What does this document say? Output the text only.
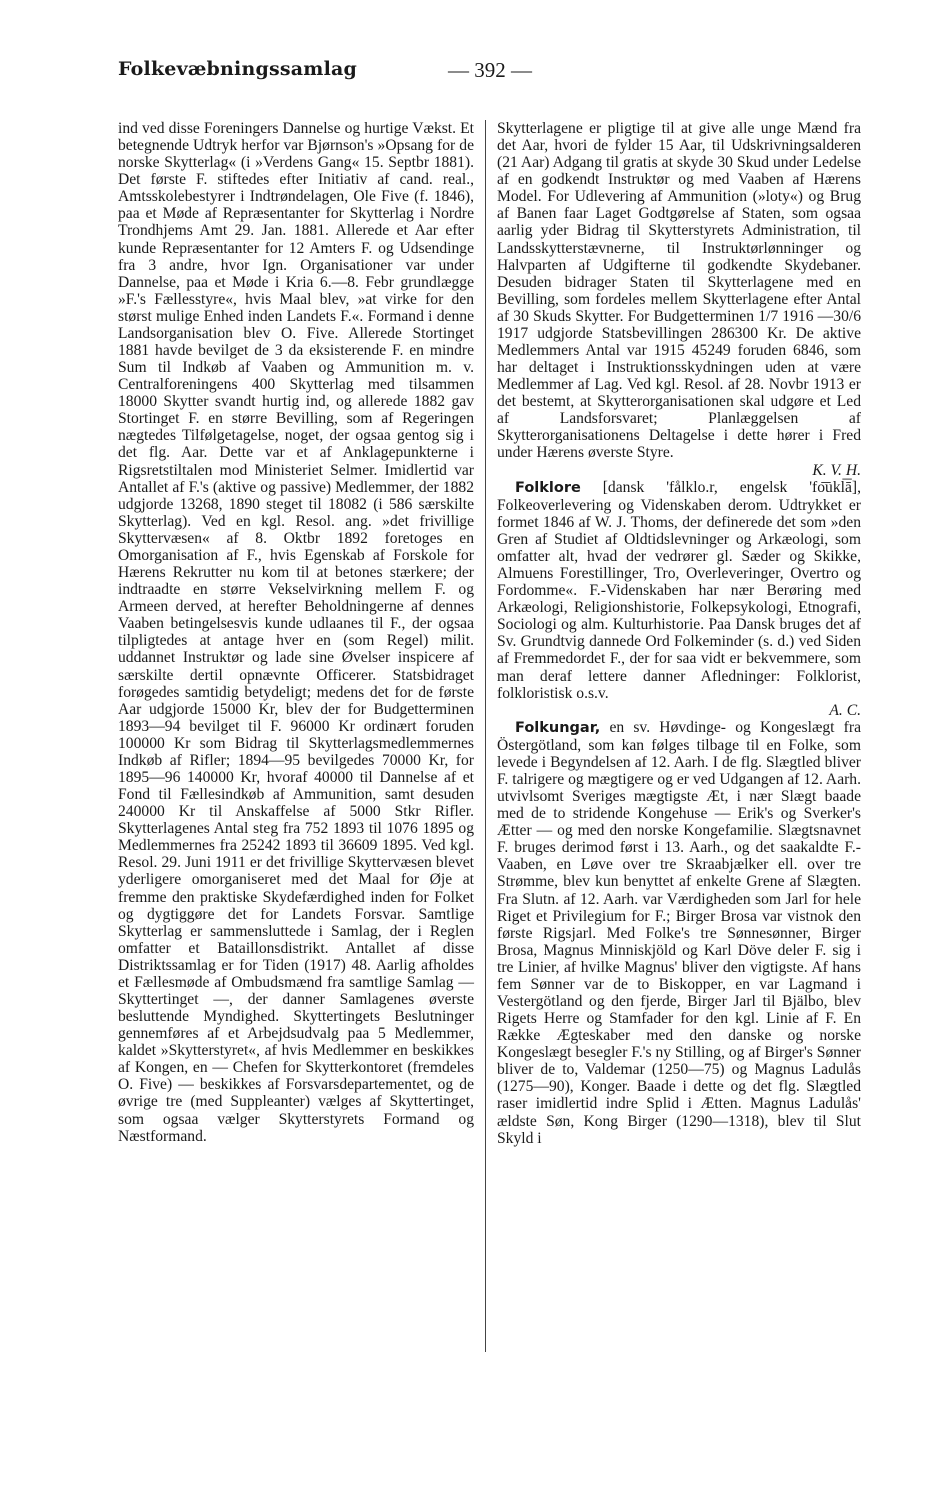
Folkevæbningssamlag	— 392 —

ind ved disse Foreningers Dannelse og hurtige Vækst. Et betegnende Udtryk herfor var Bjørnson's »Opsang for de norske Skytterlag« (i »Verdens Gang« 15. Septbr 1881). Det første F. stiftedes efter Initiativ af cand. real., Amtsskolebestyrer i Indtrøndelagen, Ole Five (f. 1846), paa et Møde af Repræsentanter for Skytterlag i Nordre Trondhjems Amt 29. Jan. 1881. Allerede et Aar efter kunde Repræsentanter for 12 Amters F. og Udsendinge fra 3 andre, hvor Ign. Organisationer var under Dannelse, paa et Møde i Kria 6.—8. Febr grundlægge »F.'s Fællesstyre«, hvis Maal blev, »at virke for den størst mulige Enhed inden Landets F.«. Formand i denne Landsorganisation blev O. Five. Allerede Stortinget 1881 havde bevilget de 3 da eksisterende F. en mindre Sum til Indkøb af Vaaben og Ammunition m. v. Centralforeningens 400 Skytterlag med tilsammen 18000 Skytter svandt hurtig ind, og allerede 1882 gav Stortinget F. en større Bevilling, som af Regeringen nægtedes Tilfølgetagelse, noget, der ogsaa gentog sig i det flg. Aar. Dette var et af Anklagepunkterne i Rigsretstiltalen mod Ministeriet Selmer. Imidlertid var Antallet af F.'s (aktive og passive) Medlemmer, der 1882 udgjorde 13268, 1890 steget til 18082 (i 586 særskilte Skytterlag). Ved en kgl. Resol. ang. »det frivillige Skyttervæsen« af 8. Oktbr 1892 foretoges en Omorganisation af F., hvis Egenskab af Forskole for Hærens Rekrutter nu kom til at betones stærkere; der indtraadte en større Vekselvirkning mellem F. og Armeen derved, at herefter Beholdningerne af dennes Vaaben betingelsesvis kunde udlaanes til F., der ogsaa tilpligtedes at antage hver en (som Regel) milit. uddannet Instruktør og lade sine Øvelser inspicere af særskilte dertil opnævnte Officerer. Statsbidraget forøgedes samtidig betydeligt; medens det for de første Aar udgjorde 15000 Kr, blev der for Budgetterminen 1893—94 bevilget til F. 96000 Kr ordinært foruden 100000 Kr som Bidrag til Skytterlagsmedlemmernes Indkøb af Rifler; 1894—95 bevilgedes 70000 Kr, for 1895—96 140000 Kr, hvoraf 40000 til Dannelse af et Fond til Fællesindkøb af Ammunition, samt desuden 240000 Kr til Anskaffelse af 5000 Stkr Rifler. Skytterlagenes Antal steg fra 752 1893 til 1076 1895 og Medlemmernes fra 25242 1893 til 36609 1895. Ved kgl. Resol. 29. Juni 1911 er det frivillige Skyttervæsen blevet yderligere omorganiseret med det Maal for Øje at fremme den praktiske Skydefærdighed inden for Folket og dygtiggøre det for Landets Forsvar. Samtlige Skytterlag er sammensluttede i Samlag, der i Reglen omfatter et Bataillonsdistrikt. Antallet af disse Distriktssamlag er for Tiden (1917) 48. Aarlig afholdes et Fællesmøde af Ombudsmænd fra samtlige Samlag — Skyttertinget —, der danner Samlagenes øverste besluttende Myndighed. Skyttertingets Beslutninger gennemføres af et Arbejdsudvalg paa 5 Medlemmer, kaldet »Skytterstyret«, af hvis Medlemmer en beskikkes af Kongen, en — Chefen for Skytterkontoret (fremdeles O. Five) — beskikkes af Forsvarsdepartementet, og de øvrige tre (med Suppleanter) vælges af Skyttertinget, som ogsaa vælger Skytterstyrets Formand og Næstformand.

Skytterlagene er pligtige til at give alle unge Mænd fra det Aar, hvori de fylder 15 Aar, til Udskrivningsalderen (21 Aar) Adgang til gratis at skyde 30 Skud under Ledelse af en godkendt Instruktør og med Vaaben af Hærens Model. For Udlevering af Ammunition (»loty«) og Brug af Banen faar Laget Godtgørelse af Staten, som ogsaa aarlig yder Bidrag til Skytterstyrets Administration, til Landsskytterstævnerne, til Instruktørlønninger og Halvparten af Udgifterne til godkendte Skydebaner. Desuden bidrager Staten til Skytterlagene med en Bevilling, som fordeles mellem Skytterlagene efter Antal af 30 Skuds Skytter. For Budgetterminen 1/7 1916 —30/6 1917 udgjorde Statsbevillingen 286300 Kr. De aktive Medlemmers Antal var 1915 45249 foruden 6846, som har deltaget i Instruktionsskydningen uden at være Medlemmer af Lag. Ved kgl. Resol. af 28. Novbr 1913 er det bestemt, at Skytterorganisationen skal udgøre et Led af Landsforsvaret; Planlæggelsen af Skytterorganisationens Deltagelse i dette hører i Fred under Hærens øverste Styre.

K. V. H.

Folklore [dansk 'fålklo.r, engelsk 'fo͞ukl͞ā], Folkeoverlevering og Videnskaben derom. Udtrykket er formet 1846 af W. J. Thoms, der definerede det som »den Gren af Studiet af Oldtidslevninger og Arkæologi, som omfatter alt, hvad der vedrører gl. Sæder og Skikke, Almuens Forestillinger, Tro, Overleveringer, Overtro og Fordomme«. F.-Videnskaben har nær Berøring med Arkæologi, Religionshistorie, Folkepsykologi, Etnografi, Sociologi og alm. Kulturhistorie. Paa Dansk bruges det af Sv. Grundtvig dannede Ord Folkeminder (s. d.) ved Siden af Fremmedordet F., der for saa vidt er bekvemmere, som man deraf lettere danner Afledninger: Folklorist, folkloristisk o.s.v.

A. C.

Folkungar, en sv. Høvdinge- og Kongeslægt fra Östergötland, som kan følges tilbage til en Folke, som levede i Begyndelsen af 12. Aarh. I de flg. Slægtled bliver F. talrigere og mægtigere og er ved Udgangen af 12. Aarh. utvivlsomt Sveriges mægtigste Æt, i nær Slægt baade med de to stridende Kongehuse — Erik's og Sverker's Ætter — og med den norske Kongefamilie. Slægtsnavnet F. bruges derimod først i 13. Aarh., og det saakaldte F.-Vaaben, en Løve over tre Skraabjælker ell. over tre Strømme, blev kun benyttet af enkelte Grene af Slægten. Fra Slutn. af 12. Aarh. var Værdigheden som Jarl for hele Riget et Privilegium for F.; Birger Brosa var vistnok den første Rigsjarl. Med Folke's tre Sønnesønner, Birger Brosa, Magnus Minniskjöld og Karl Döve deler F. sig i tre Linier, af hvilke Magnus' bliver den vigtigste. Af hans fem Sønner var de to Biskopper, en var Lagmand i Vestergötland og den fjerde, Birger Jarl til Bjälbo, blev Rigets Herre og Stamfader for den kgl. Linie af F. En Række Ægteskaber med den danske og norske Kongeslægt besegler F.'s ny Stilling, og af Birger's Sønner bliver de to, Valdemar (1250—75) og Magnus Ladulås (1275—90), Konger. Baade i dette og det flg. Slægtled raser imidlertid indre Splid i Ætten. Magnus Ladulås' ældste Søn, Kong Birger (1290—1318), blev til Slut Skyld i
